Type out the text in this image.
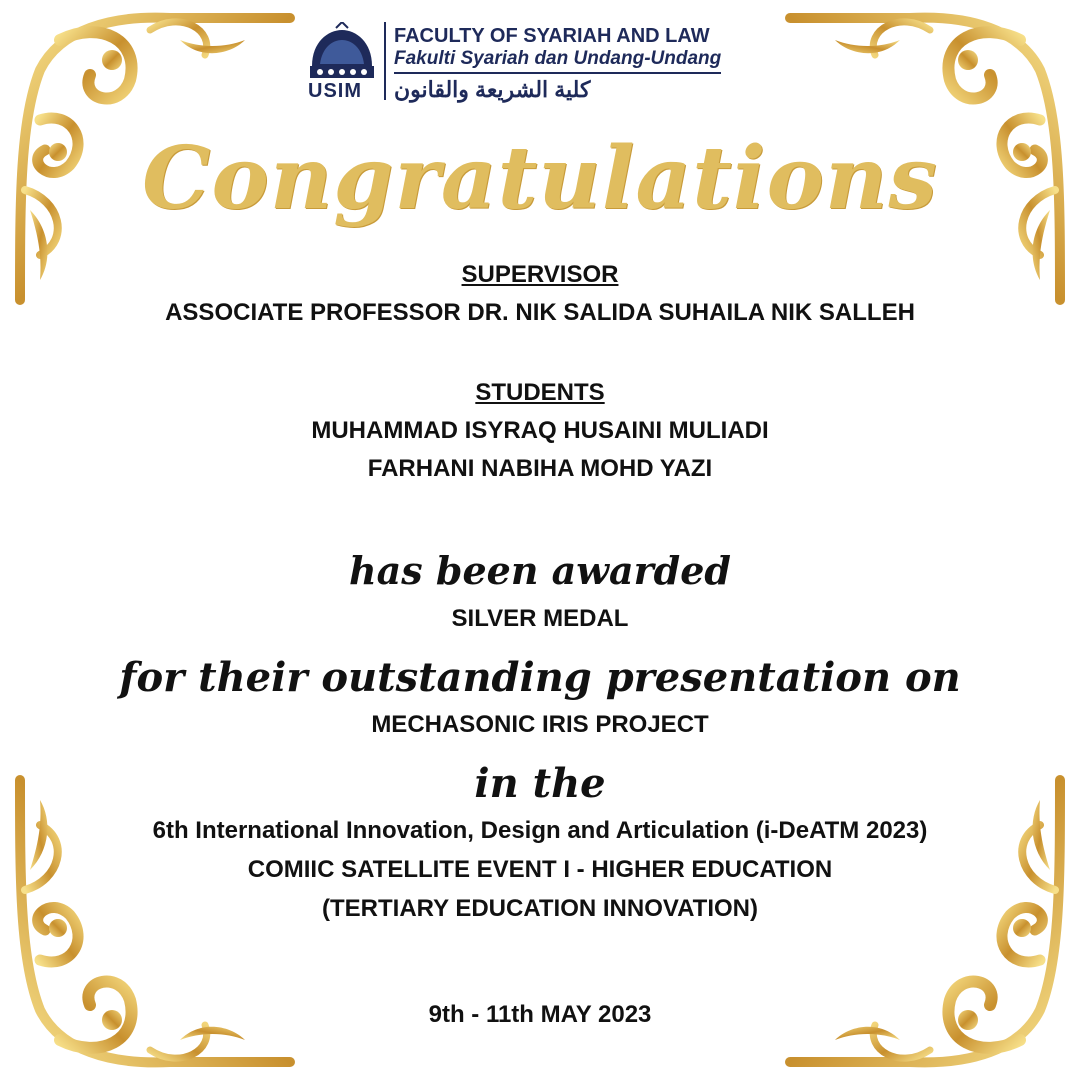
USIM
FACULTY OF SYARIAH AND LAW
Fakulti Syariah dan Undang-Undang
كلية الشريعة والقانون
Congratulations
SUPERVISOR
ASSOCIATE PROFESSOR DR. NIK SALIDA SUHAILA NIK SALLEH
STUDENTS
MUHAMMAD ISYRAQ HUSAINI MULIADI
FARHANI NABIHA MOHD YAZI
has been awarded
SILVER MEDAL
for their outstanding presentation on
MECHASONIC IRIS PROJECT
in the
6th International Innovation, Design and Articulation (i-DeATM 2023)
COMIIC SATELLITE EVENT I - HIGHER EDUCATION
(TERTIARY EDUCATION INNOVATION)
9th - 11th MAY 2023
